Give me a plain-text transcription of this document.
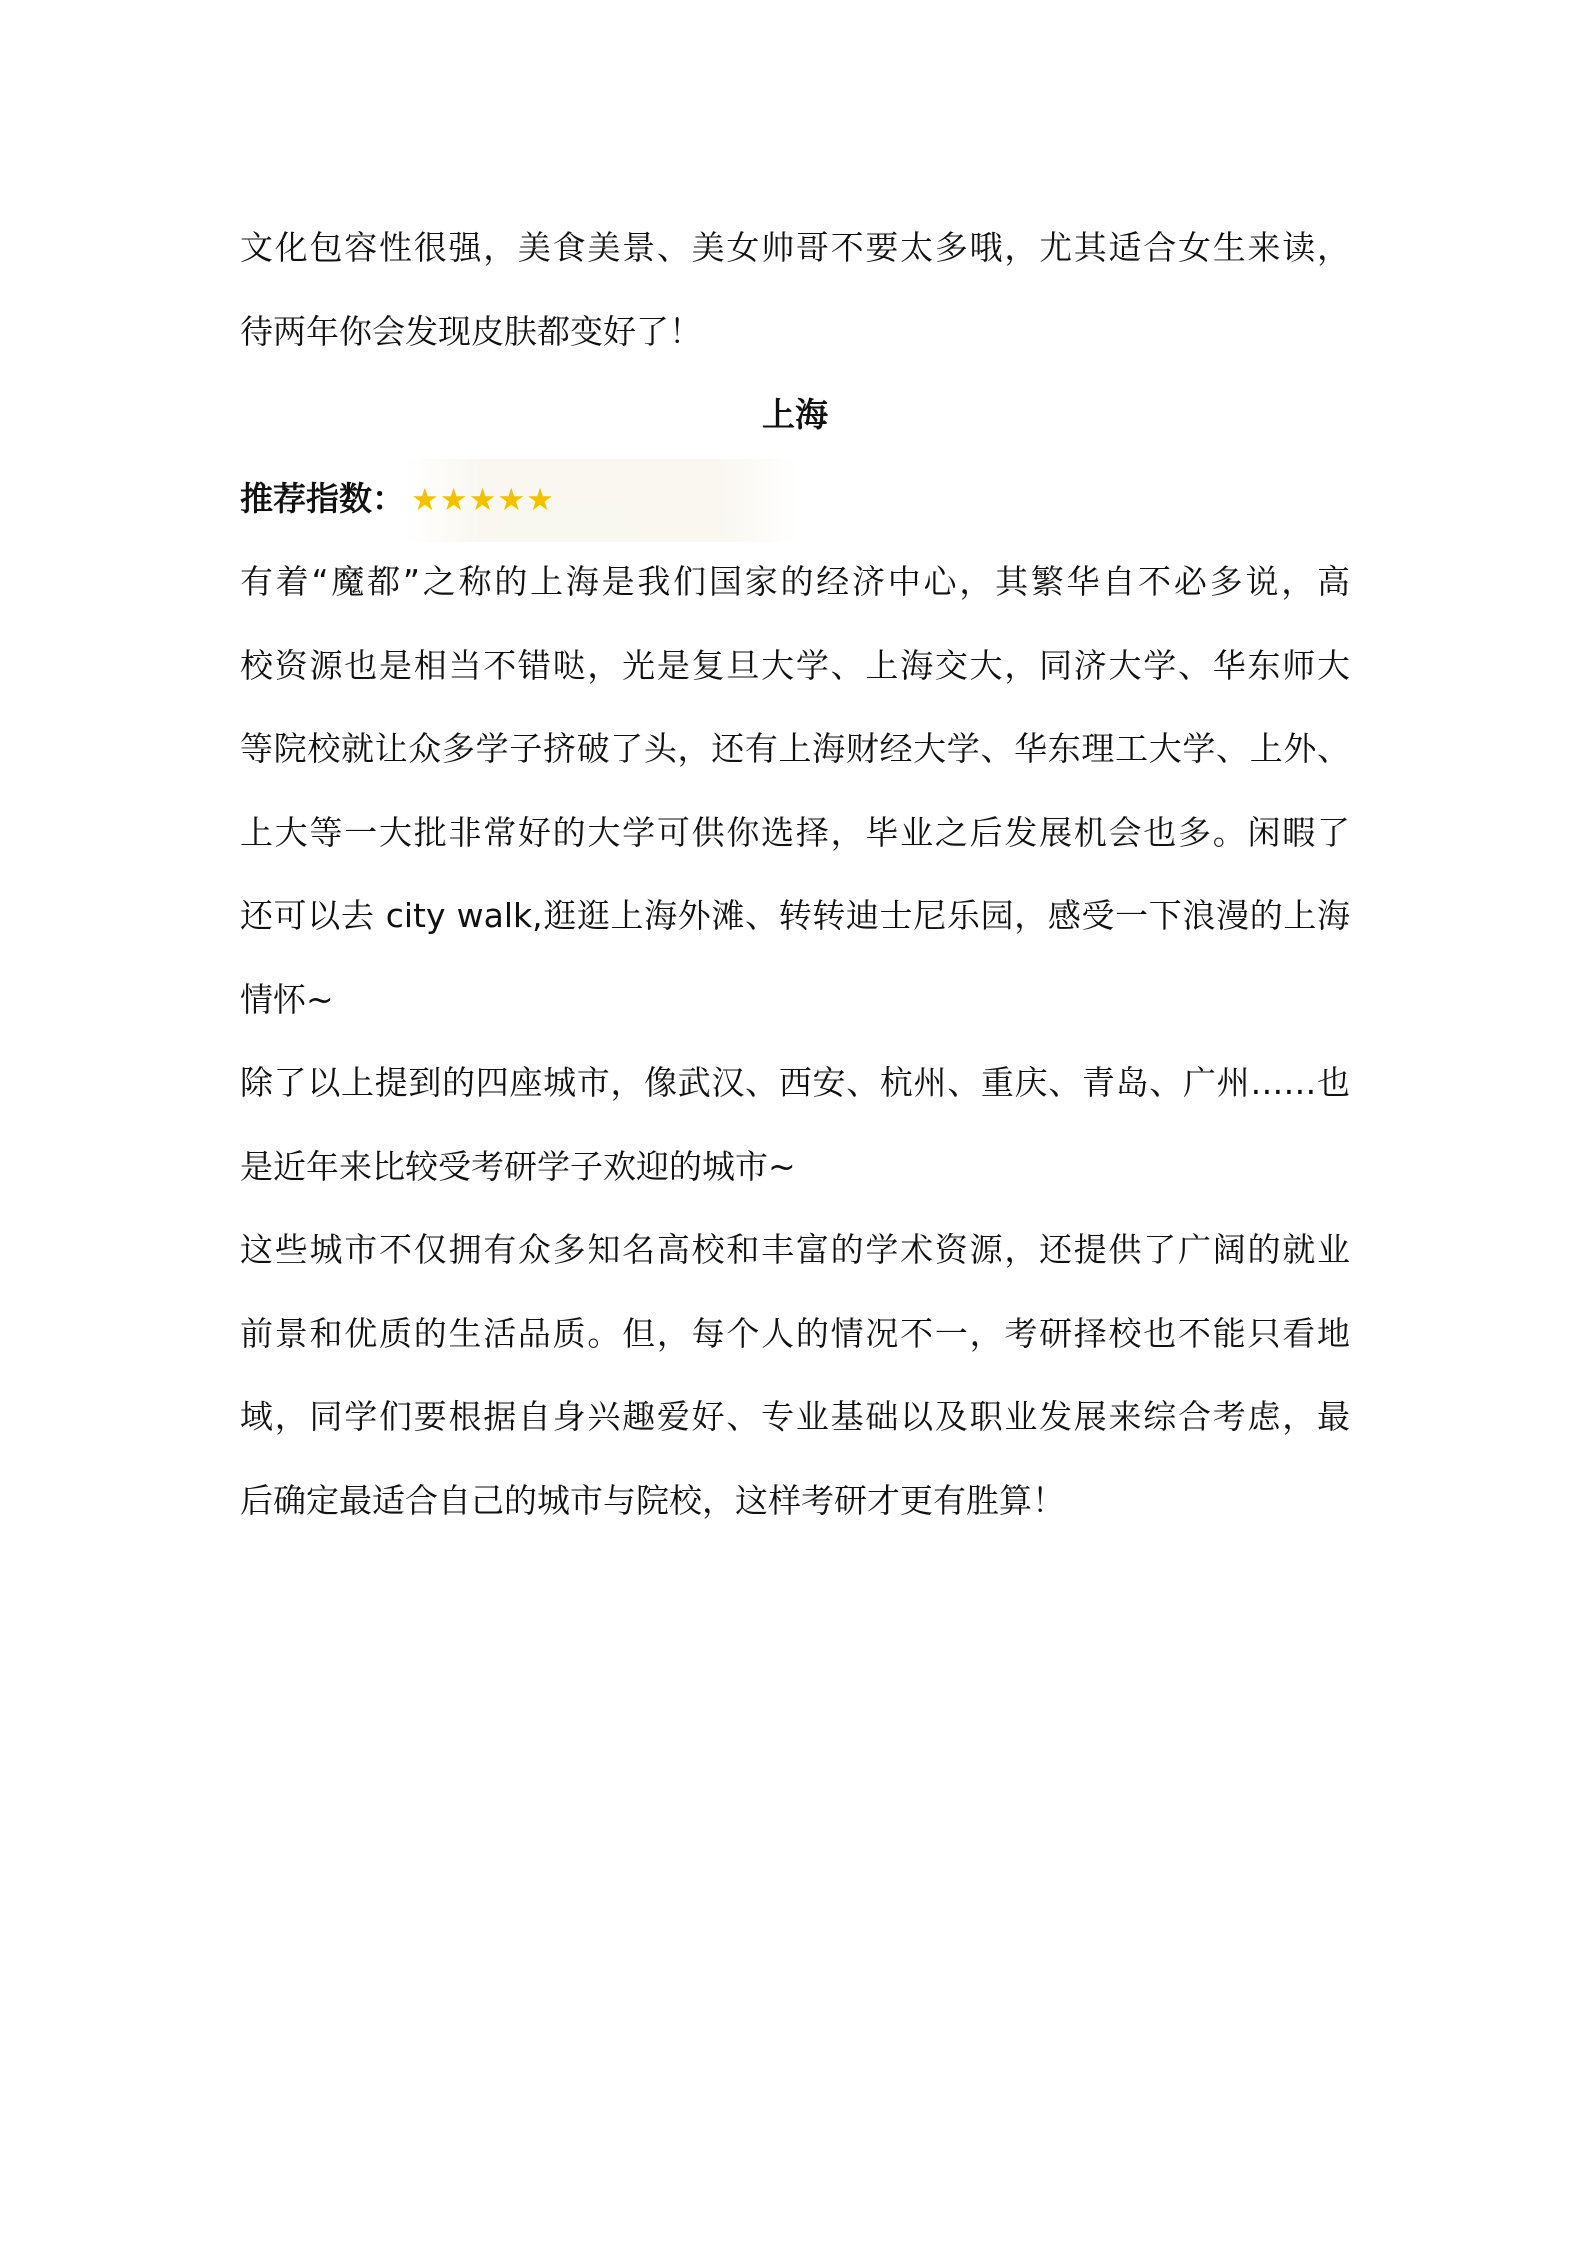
文化包容性很强，美食美景、美女帅哥不要太多哦，尤其适合女生来读，
待两年你会发现皮肤都变好了！
上海
推荐指数： ★★★★★
有着“魔都”之称的上海是我们国家的经济中心，其繁华自不必多说，高
校资源也是相当不错哒，光是复旦大学、上海交大，同济大学、华东师大
等院校就让众多学子挤破了头，还有上海财经大学、华东理工大学、上外、
上大等一大批非常好的大学可供你选择，毕业之后发展机会也多。闲暇了
还可以去 city walk,逛逛上海外滩、转转迪士尼乐园，感受一下浪漫的上海
情怀~
除了以上提到的四座城市，像武汉、西安、杭州、重庆、青岛、广州……也
是近年来比较受考研学子欢迎的城市~
这些城市不仅拥有众多知名高校和丰富的学术资源，还提供了广阔的就业
前景和优质的生活品质。但，每个人的情况不一，考研择校也不能只看地
域，同学们要根据自身兴趣爱好、专业基础以及职业发展来综合考虑，最
后确定最适合自己的城市与院校，这样考研才更有胜算！
